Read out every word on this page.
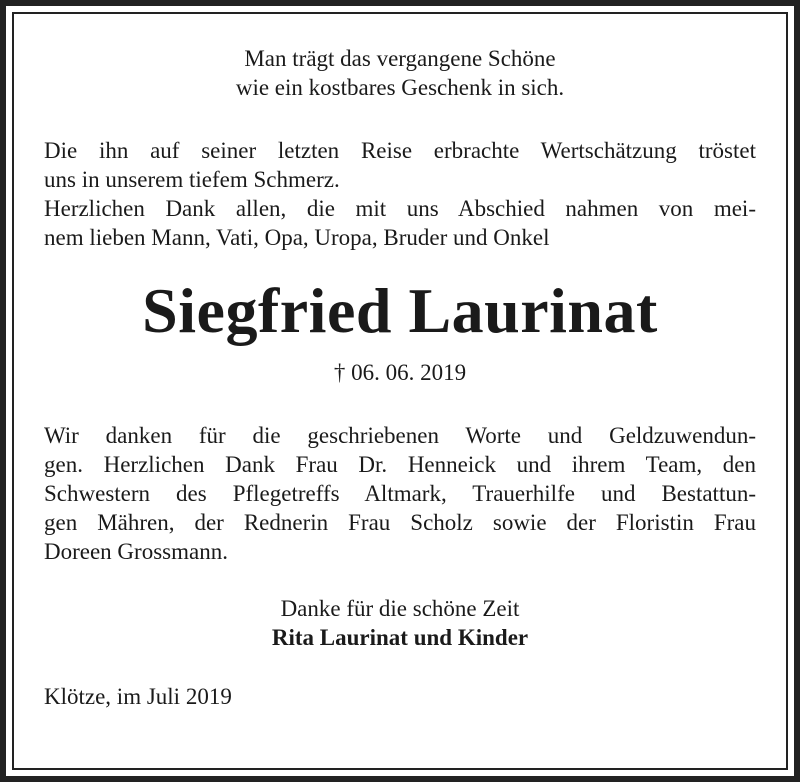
Man trägt das vergangene Schöne
wie ein kostbares Geschenk in sich.
Die ihn auf seiner letzten Reise erbrachte Wertschätzung tröstet
uns in unserem tiefem Schmerz.
Herzlichen Dank allen, die mit uns Abschied nahmen von mei-
nem lieben Mann, Vati, Opa, Uropa, Bruder und Onkel
Siegfried Laurinat
† 06. 06. 2019
Wir danken für die geschriebenen Worte und Geldzuwendun-
gen. Herzlichen Dank Frau Dr. Henneick und ihrem Team, den
Schwestern des Pflegetreffs Altmark, Trauerhilfe und Bestattun-
gen Mähren, der Rednerin Frau Scholz sowie der Floristin Frau
Doreen Grossmann.
Danke für die schöne Zeit
Rita Laurinat und Kinder
Klötze, im Juli 2019
